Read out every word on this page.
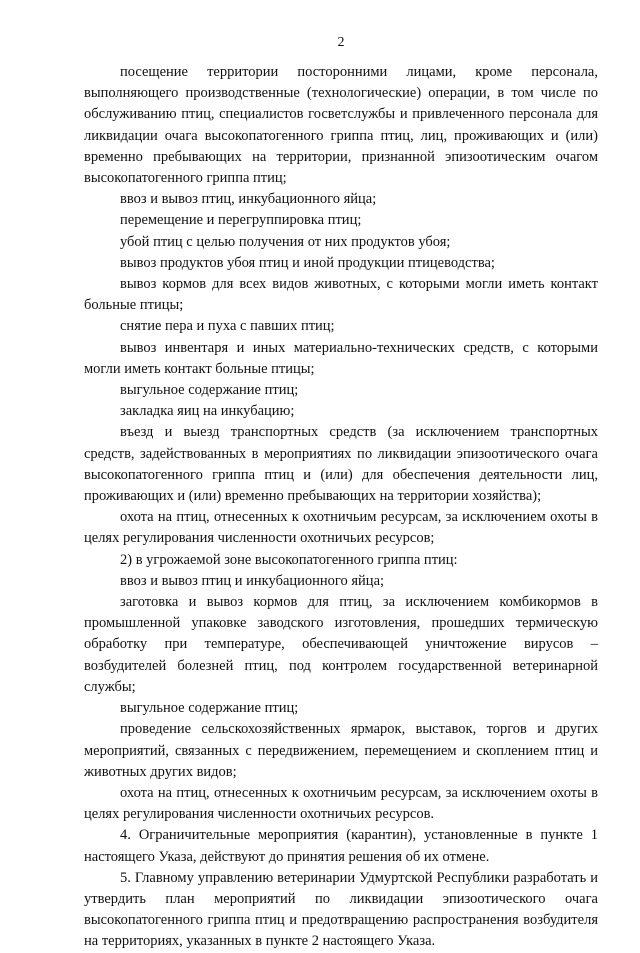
2

посещение территории посторонними лицами, кроме персонала, выполняющего производственные (технологические) операции, в том числе по обслуживанию птиц, специалистов госветслужбы и привлеченного персонала для ликвидации очага высокопатогенного гриппа птиц, лиц, проживающих и (или) временно пребывающих на территории, признанной эпизоотическим очагом высокопатогенного гриппа птиц;

ввоз и вывоз птиц, инкубационного яйца;

перемещение и перегруппировка птиц;

убой птиц с целью получения от них продуктов убоя;

вывоз продуктов убоя птиц и иной продукции птицеводства;

вывоз кормов для всех видов животных, с которыми могли иметь контакт больные птицы;

снятие пера и пуха с павших птиц;

вывоз инвентаря и иных материально-технических средств, с которыми могли иметь контакт больные птицы;

выгульное содержание птиц;

закладка яиц на инкубацию;

въезд и выезд транспортных средств (за исключением транспортных средств, задействованных в мероприятиях по ликвидации эпизоотического очага высокопатогенного гриппа птиц и (или) для обеспечения деятельности лиц, проживающих и (или) временно пребывающих на территории хозяйства);

охота на птиц, отнесенных к охотничьим ресурсам, за исключением охоты в целях регулирования численности охотничьих ресурсов;

2) в угрожаемой зоне высокопатогенного гриппа птиц:

ввоз и вывоз птиц и инкубационного яйца;

заготовка и вывоз кормов для птиц, за исключением комбикормов в промышленной упаковке заводского изготовления, прошедших термическую обработку при температуре, обеспечивающей уничтожение вирусов – возбудителей болезней птиц, под контролем государственной ветеринарной службы;

выгульное содержание птиц;

проведение сельскохозяйственных ярмарок, выставок, торгов и других мероприятий, связанных с передвижением, перемещением и скоплением птиц и животных других видов;

охота на птиц, отнесенных к охотничьим ресурсам, за исключением охоты в целях регулирования численности охотничьих ресурсов.

4. Ограничительные мероприятия (карантин), установленные в пункте 1 настоящего Указа, действуют до принятия решения об их отмене.

5. Главному управлению ветеринарии Удмуртской Республики разработать и утвердить план мероприятий по ликвидации эпизоотического очага высокопатогенного гриппа птиц и предотвращению распространения возбудителя на территориях, указанных в пункте 2 настоящего Указа.
